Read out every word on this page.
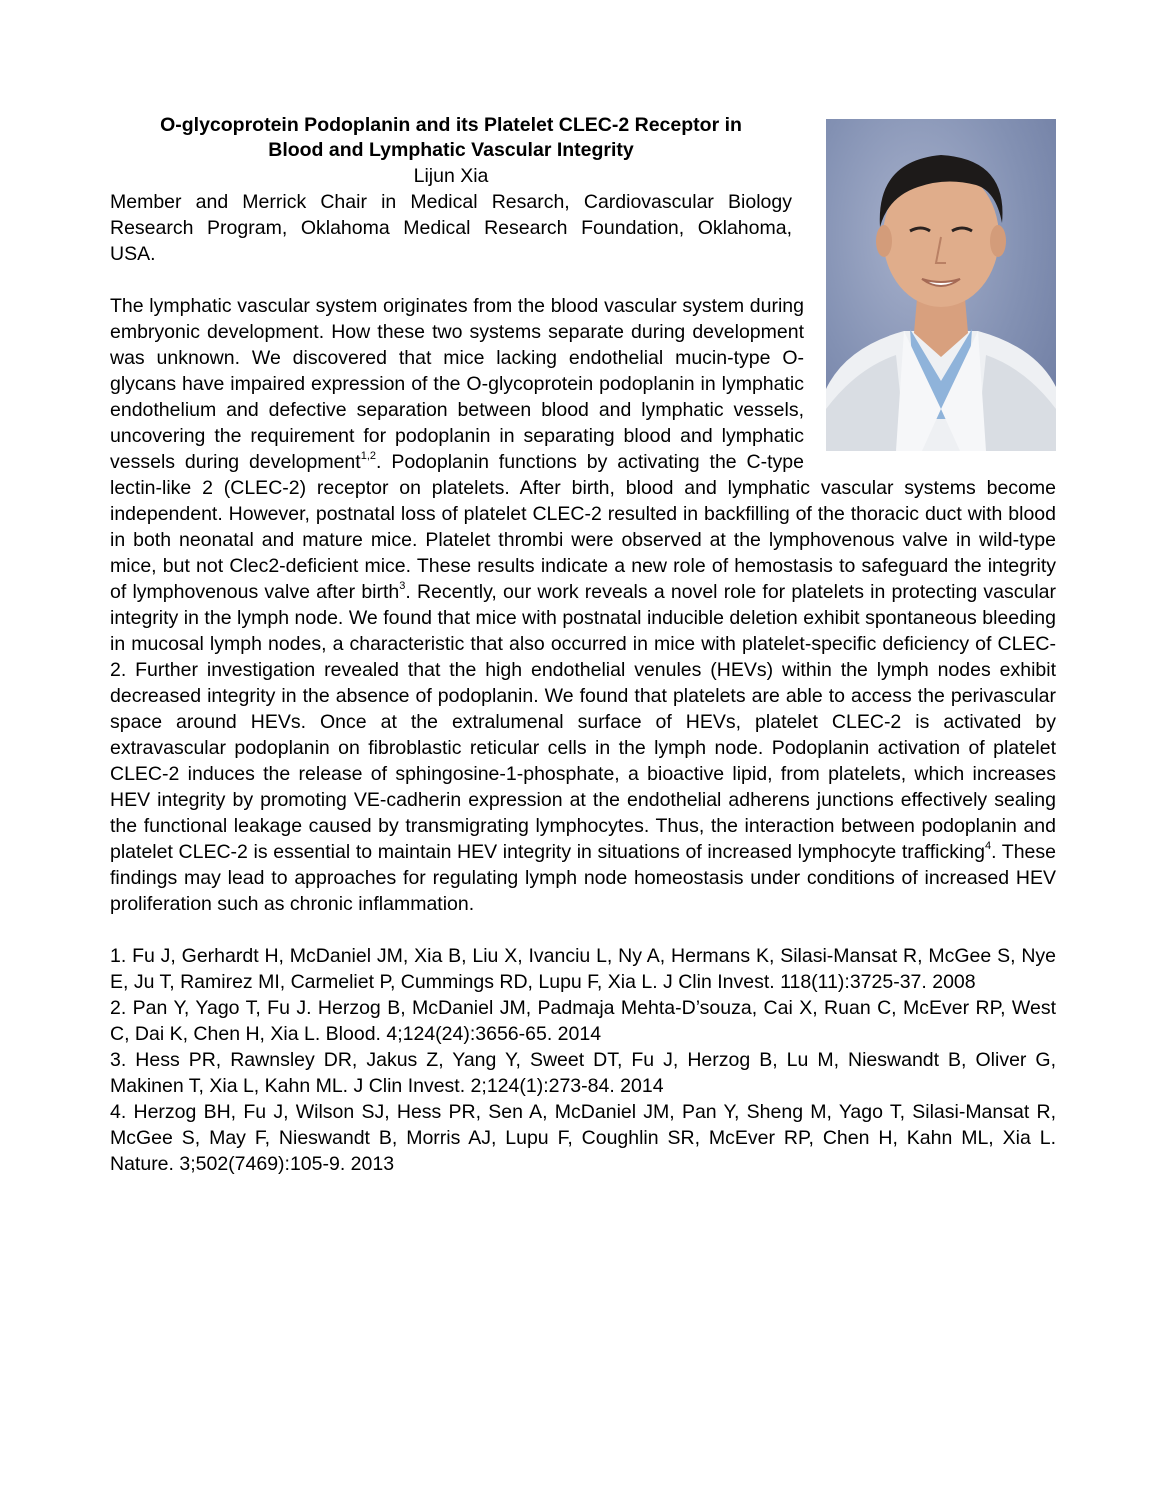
O-glycoprotein Podoplanin and its Platelet CLEC-2 Receptor in
Blood and Lymphatic Vascular Integrity
Lijun Xia
Member and Merrick Chair in Medical Resarch, Cardiovascular Biology Research Program, Oklahoma Medical Research Foundation, Oklahoma, USA.
The lymphatic vascular system originates from the blood vascular system during embryonic development. How these two systems separate during development was unknown. We discovered that mice lacking endothelial mucin-type O-glycans have impaired expression of the O-glycoprotein podoplanin in lymphatic endothelium and defective separation between blood and lymphatic vessels, uncovering the requirement for podoplanin in separating blood and lymphatic vessels during development$^{1,2}$. Podoplanin functions by activating the C-type lectin-like 2 (CLEC-2) receptor on platelets. After birth, blood and lymphatic vascular systems become independent. However, postnatal loss of platelet CLEC-2 resulted in backfilling of the thoracic duct with blood in both neonatal and mature mice. Platelet thrombi were observed at the lymphovenous valve in wild-type mice, but not Clec2-deficient mice. These results indicate a new role of hemostasis to safeguard the integrity of lymphovenous valve after birth$^3$. Recently, our work reveals a novel role for platelets in protecting vascular integrity in the lymph node. We found that mice with postnatal inducible deletion exhibit spontaneous bleeding in mucosal lymph nodes, a characteristic that also occurred in mice with platelet-specific deficiency of CLEC-2. Further investigation revealed that the high endothelial venules (HEVs) within the lymph nodes exhibit decreased integrity in the absence of podoplanin. We found that platelets are able to access the perivascular space around HEVs. Once at the extralumenal surface of HEVs, platelet CLEC-2 is activated by extravascular podoplanin on fibroblastic reticular cells in the lymph node. Podoplanin activation of platelet CLEC-2 induces the release of sphingosine-1-phosphate, a bioactive lipid, from platelets, which increases HEV integrity by promoting VE-cadherin expression at the endothelial adherens junctions effectively sealing the functional leakage caused by transmigrating lymphocytes. Thus, the interaction between podoplanin and platelet CLEC-2 is essential to maintain HEV integrity in situations of increased lymphocyte trafficking$^4$. These findings may lead to approaches for regulating lymph node homeostasis under conditions of increased HEV proliferation such as chronic inflammation.
1. Fu J, Gerhardt H, McDaniel JM, Xia B, Liu X, Ivanciu L, Ny A, Hermans K, Silasi-Mansat R, McGee S, Nye E, Ju T, Ramirez MI, Carmeliet P, Cummings RD, Lupu F, Xia L. J Clin Invest. 118(11):3725-37. 2008
2. Pan Y, Yago T, Fu J. Herzog B, McDaniel JM, Padmaja Mehta-D’souza, Cai X, Ruan C, McEver RP, West C, Dai K, Chen H, Xia L. Blood. 4;124(24):3656-65. 2014
3. Hess PR, Rawnsley DR, Jakus Z, Yang Y, Sweet DT, Fu J, Herzog B, Lu M, Nieswandt B, Oliver G, Makinen T, Xia L, Kahn ML. J Clin Invest. 2;124(1):273-84. 2014
4. Herzog BH, Fu J, Wilson SJ, Hess PR, Sen A, McDaniel JM, Pan Y, Sheng M, Yago T, Silasi-Mansat R, McGee S, May F, Nieswandt B, Morris AJ, Lupu F, Coughlin SR, McEver RP, Chen H, Kahn ML, Xia L. Nature. 3;502(7469):105-9. 2013
